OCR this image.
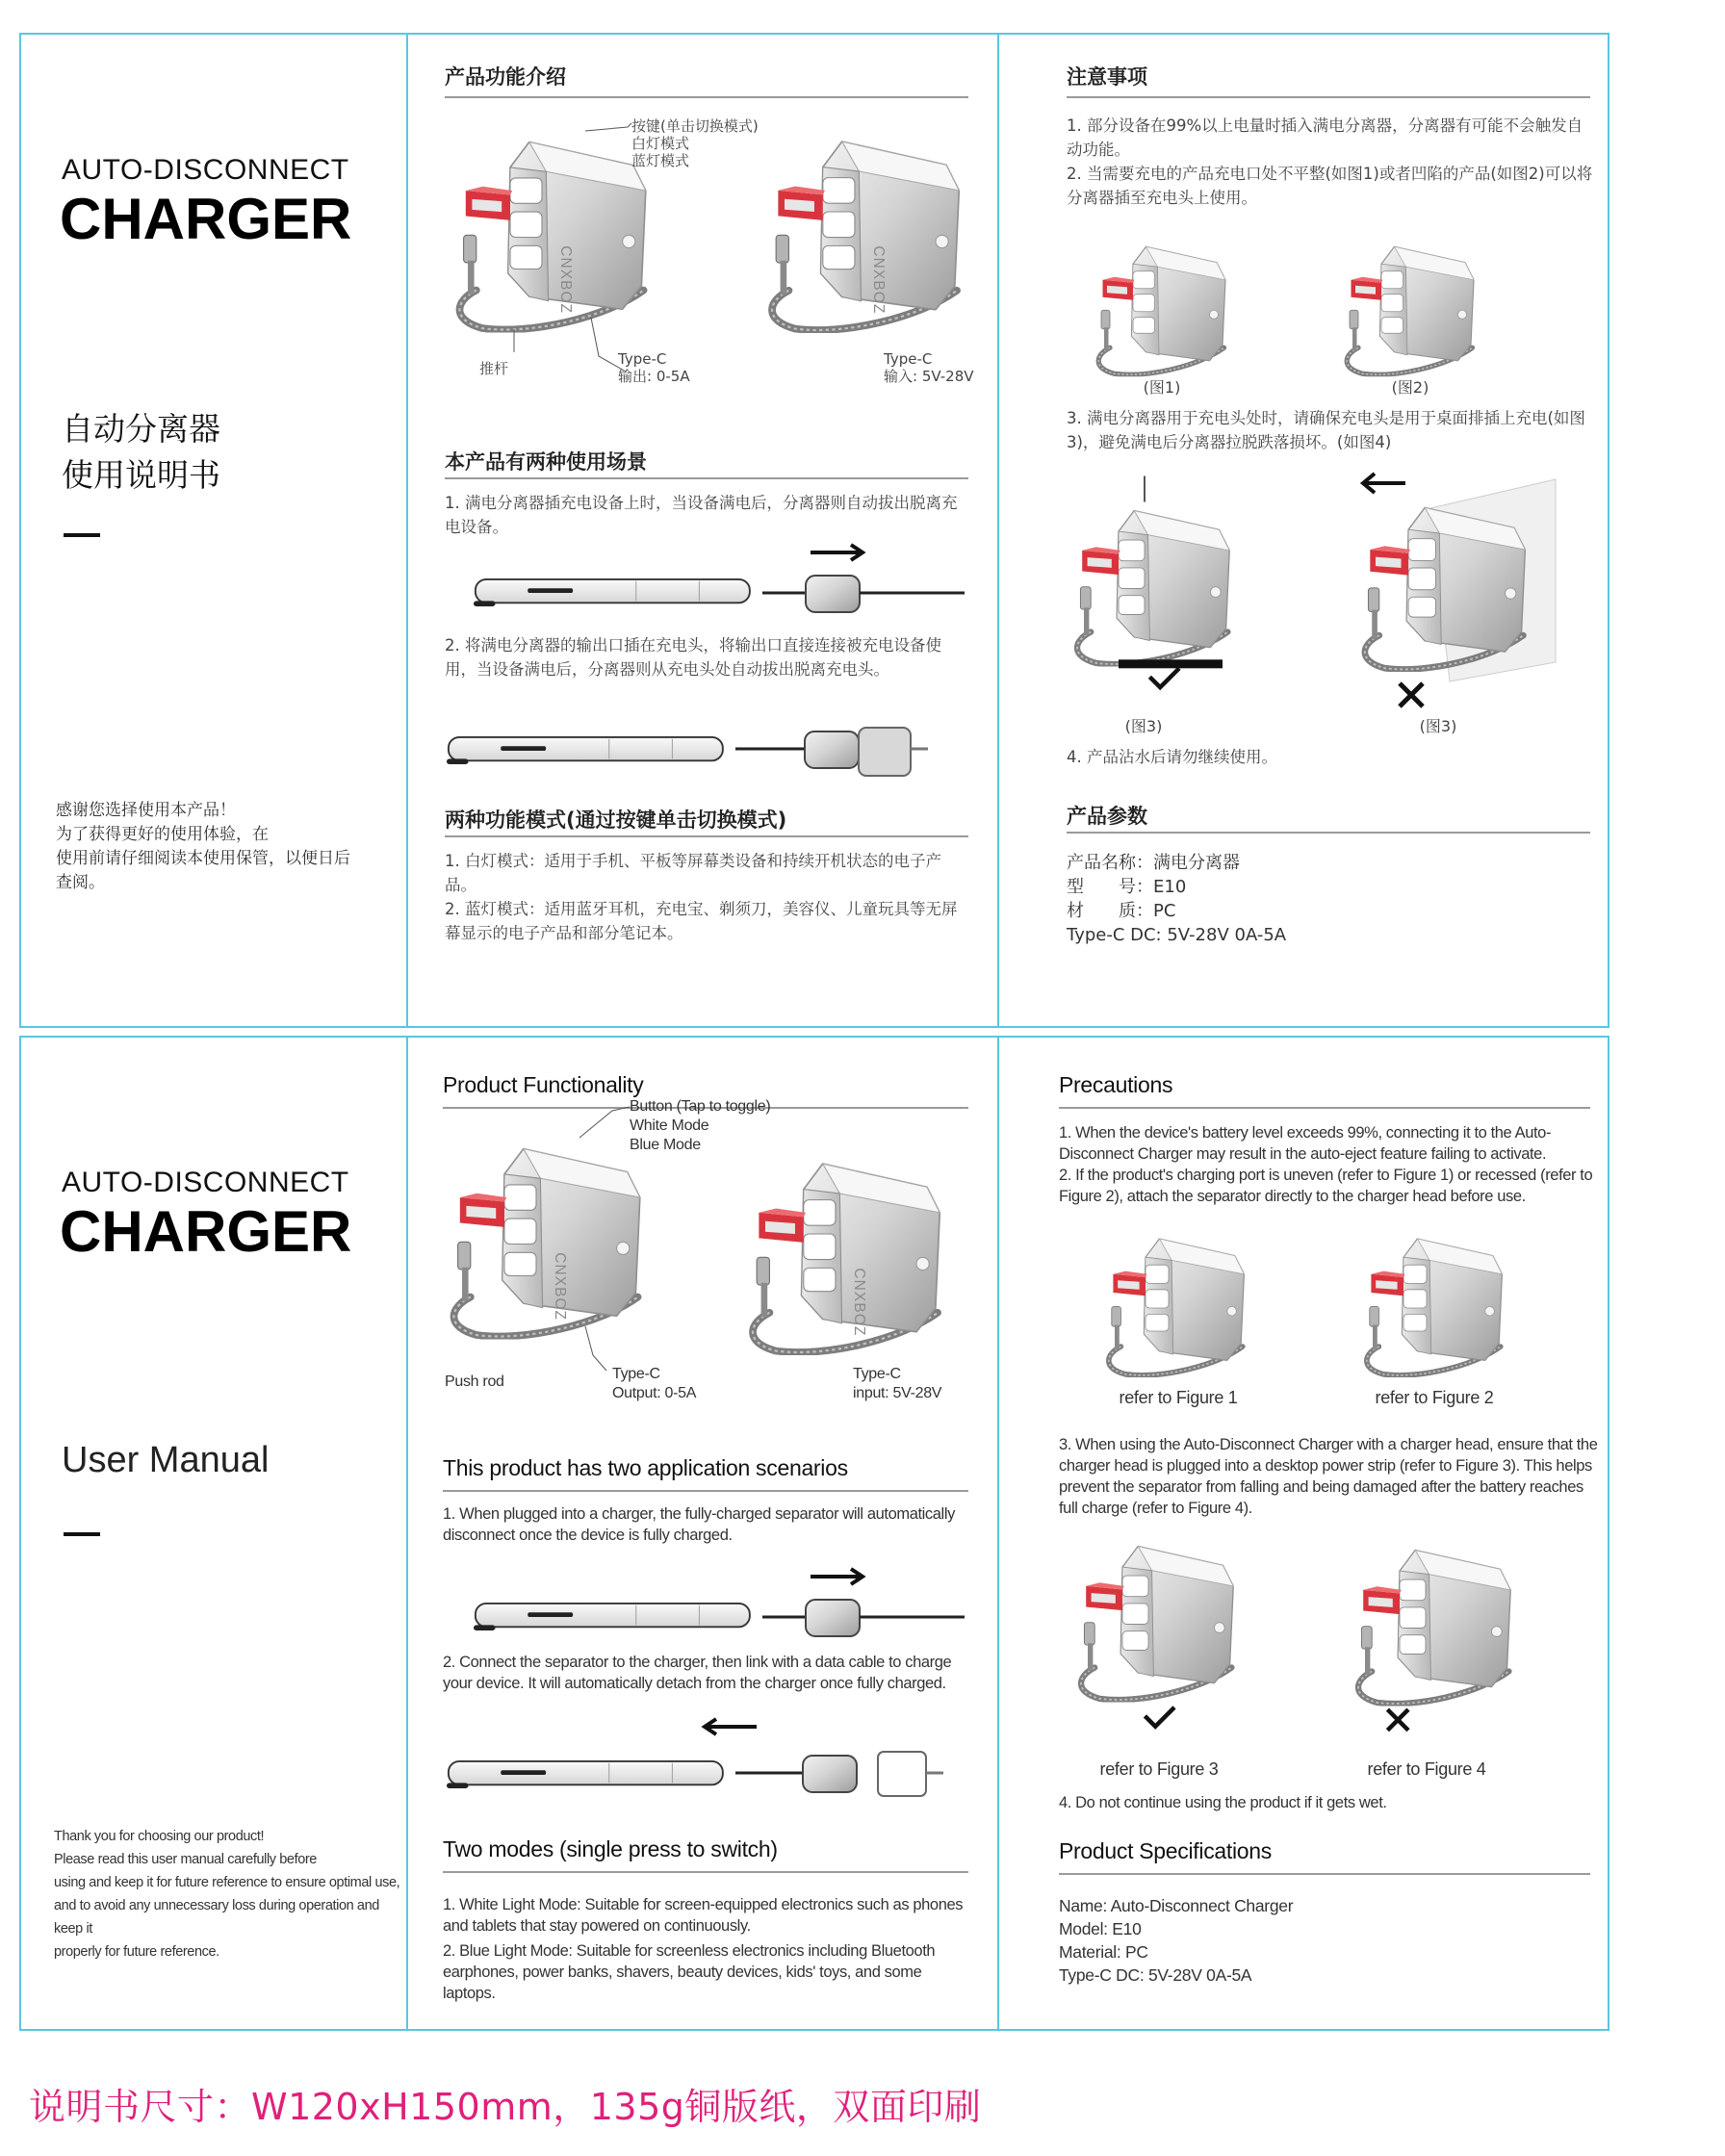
AUTO-DISCONNECT
CHARGER
自动分离器
使用说明书
感谢您选择使用本产品！
为了获得更好的使用体验，在
使用前请仔细阅读本使用保管，以便日后
查阅。
产品功能介绍
CNXBOZ	CNXBOZ
按键(单击切换模式)
白灯模式
蓝灯模式
推杆
Type-C
输出: 0-5A
Type-C
输入: 5V-28V
本产品有两种使用场景
1. 满电分离器插充电设备上时，当设备满电后，分离器则自动拔出脱离充电设备。
2. 将满电分离器的输出口插在充电头，将输出口直接连接被充电设备使用，当设备满电后，分离器则从充电头处自动拔出脱离充电头。
两种功能模式(通过按键单击切换模式)
1. 白灯模式：适用于手机、平板等屏幕类设备和持续开机状态的电子产品。
2. 蓝灯模式：适用蓝牙耳机，充电宝、剃须刀，美容仪、儿童玩具等无屏幕显示的电子产品和部分笔记本。
注意事项
1. 部分设备在99%以上电量时插入满电分离器，分离器有可能不会触发自动功能。
2. 当需要充电的产品充电口处不平整(如图1)或者凹陷的产品(如图2)可以将分离器插至充电头上使用。
(图1)	(图2)
3. 满电分离器用于充电头处时，请确保充电头是用于桌面排插上充电(如图3)，避免满电后分离器拉脱跌落损坏。(如图4)
(图3)	(图3)
4. 产品沾水后请勿继续使用。
产品参数
产品名称：满电分离器
型　　号：E10
材　　质：PC
Type-C DC: 5V-28V 0A-5A
AUTO-DISCONNECT
CHARGER
User Manual
Thank you for choosing our product!
Please read this user manual carefully before
using and keep it for future reference to ensure optimal use,
and to avoid any unnecessary loss during operation and keep it
properly for future reference.
Product Functionality
CNXBOZ	CNXBOZ
Button (Tap to toggle)
White Mode
Blue Mode
Push rod	Type-C
Output: 0-5A
Type-C
input: 5V-28V
This product has two application scenarios
1. When plugged into a charger, the fully-charged separator will automatically disconnect once the device is fully charged.
2. Connect the separator to the charger, then link with a data cable to charge your device. It will automatically detach from the charger once fully charged.
Two modes (single press to switch)
1. White Light Mode: Suitable for screen-equipped electronics such as phones and tablets that stay powered on continuously.
2. Blue Light Mode: Suitable for screenless electronics including Bluetooth earphones, power banks, shavers, beauty devices, kids' toys, and some laptops.
Precautions
1. When the device's battery level exceeds 99%, connecting it to the Auto-Disconnect Charger may result in the auto-eject feature failing to activate.
2. If the product's charging port is uneven (refer to Figure 1) or recessed (refer to Figure 2), attach the separator directly to the charger head before use.
refer to Figure 1	refer to Figure 2
3. When using the Auto-Disconnect Charger with a charger head, ensure that the charger head is plugged into a desktop power strip (refer to Figure 3). This helps prevent the separator from falling and being damaged after the battery reaches full charge (refer to Figure 4).
refer to Figure 3	refer to Figure 4
4. Do not continue using the product if it gets wet.
Product Specifications
Name: Auto-Disconnect Charger
Model: E10
Material: PC
Type-C DC: 5V-28V 0A-5A
说明书尺寸：W120xH150mm，135g铜版纸，双面印刷
